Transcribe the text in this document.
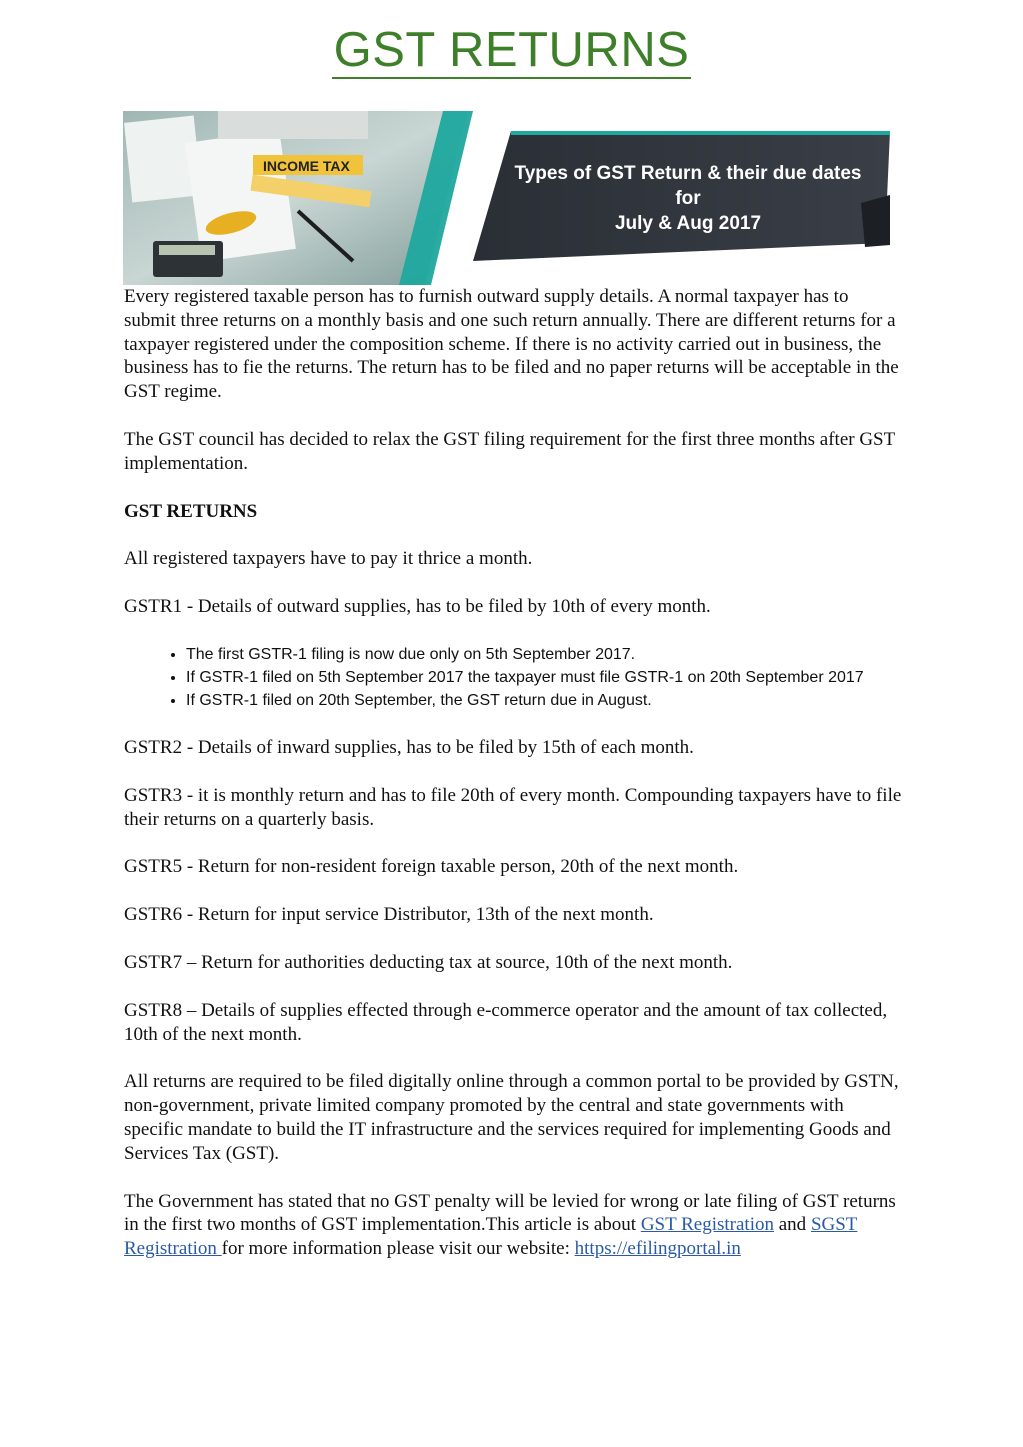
GST RETURNS
INCOME TAX	Types of GST Return & their due dates
for
July & Aug 2017

Every registered taxable person has to furnish outward supply details. A normal taxpayer has to submit three returns on a monthly basis and one such return annually. There are different returns for a taxpayer registered under the composition scheme. If there is no activity carried out in business, the business has to fie the returns. The return has to be filed and no paper returns will be acceptable in the GST regime.

The GST council has decided to relax the GST filing requirement for the first three months after GST implementation.

GST RETURNS

All registered taxpayers have to pay it thrice a month.

GSTR1 - Details of outward supplies, has to be filed by 10th of every month.

• The first GSTR-1 filing is now due only on 5th September 2017.
• If GSTR-1 filed on 5th September 2017 the taxpayer must file GSTR-1 on 20th September 2017
• If GSTR-1 filed on 20th September, the GST return due in August.

GSTR2 - Details of inward supplies, has to be filed by 15th of each month.

GSTR3 - it is monthly return and has to file 20th of every month. Compounding taxpayers have to file their returns on a quarterly basis.

GSTR5 - Return for non-resident foreign taxable person, 20th of the next month.

GSTR6 - Return for input service Distributor, 13th of the next month.

GSTR7 – Return for authorities deducting tax at source, 10th of the next month.

GSTR8 – Details of supplies effected through e-commerce operator and the amount of tax collected, 10th of the next month.

All returns are required to be filed digitally online through a common portal to be provided by GSTN, non-government, private limited company promoted by the central and state governments with specific mandate to build the IT infrastructure and the services required for implementing Goods and Services Tax (GST).

The Government has stated that no GST penalty will be levied for wrong or late filing of GST returns in the first two months of GST implementation.This article is about GST Registration and SGST Registration for more information please visit our website: https://efilingportal.in
